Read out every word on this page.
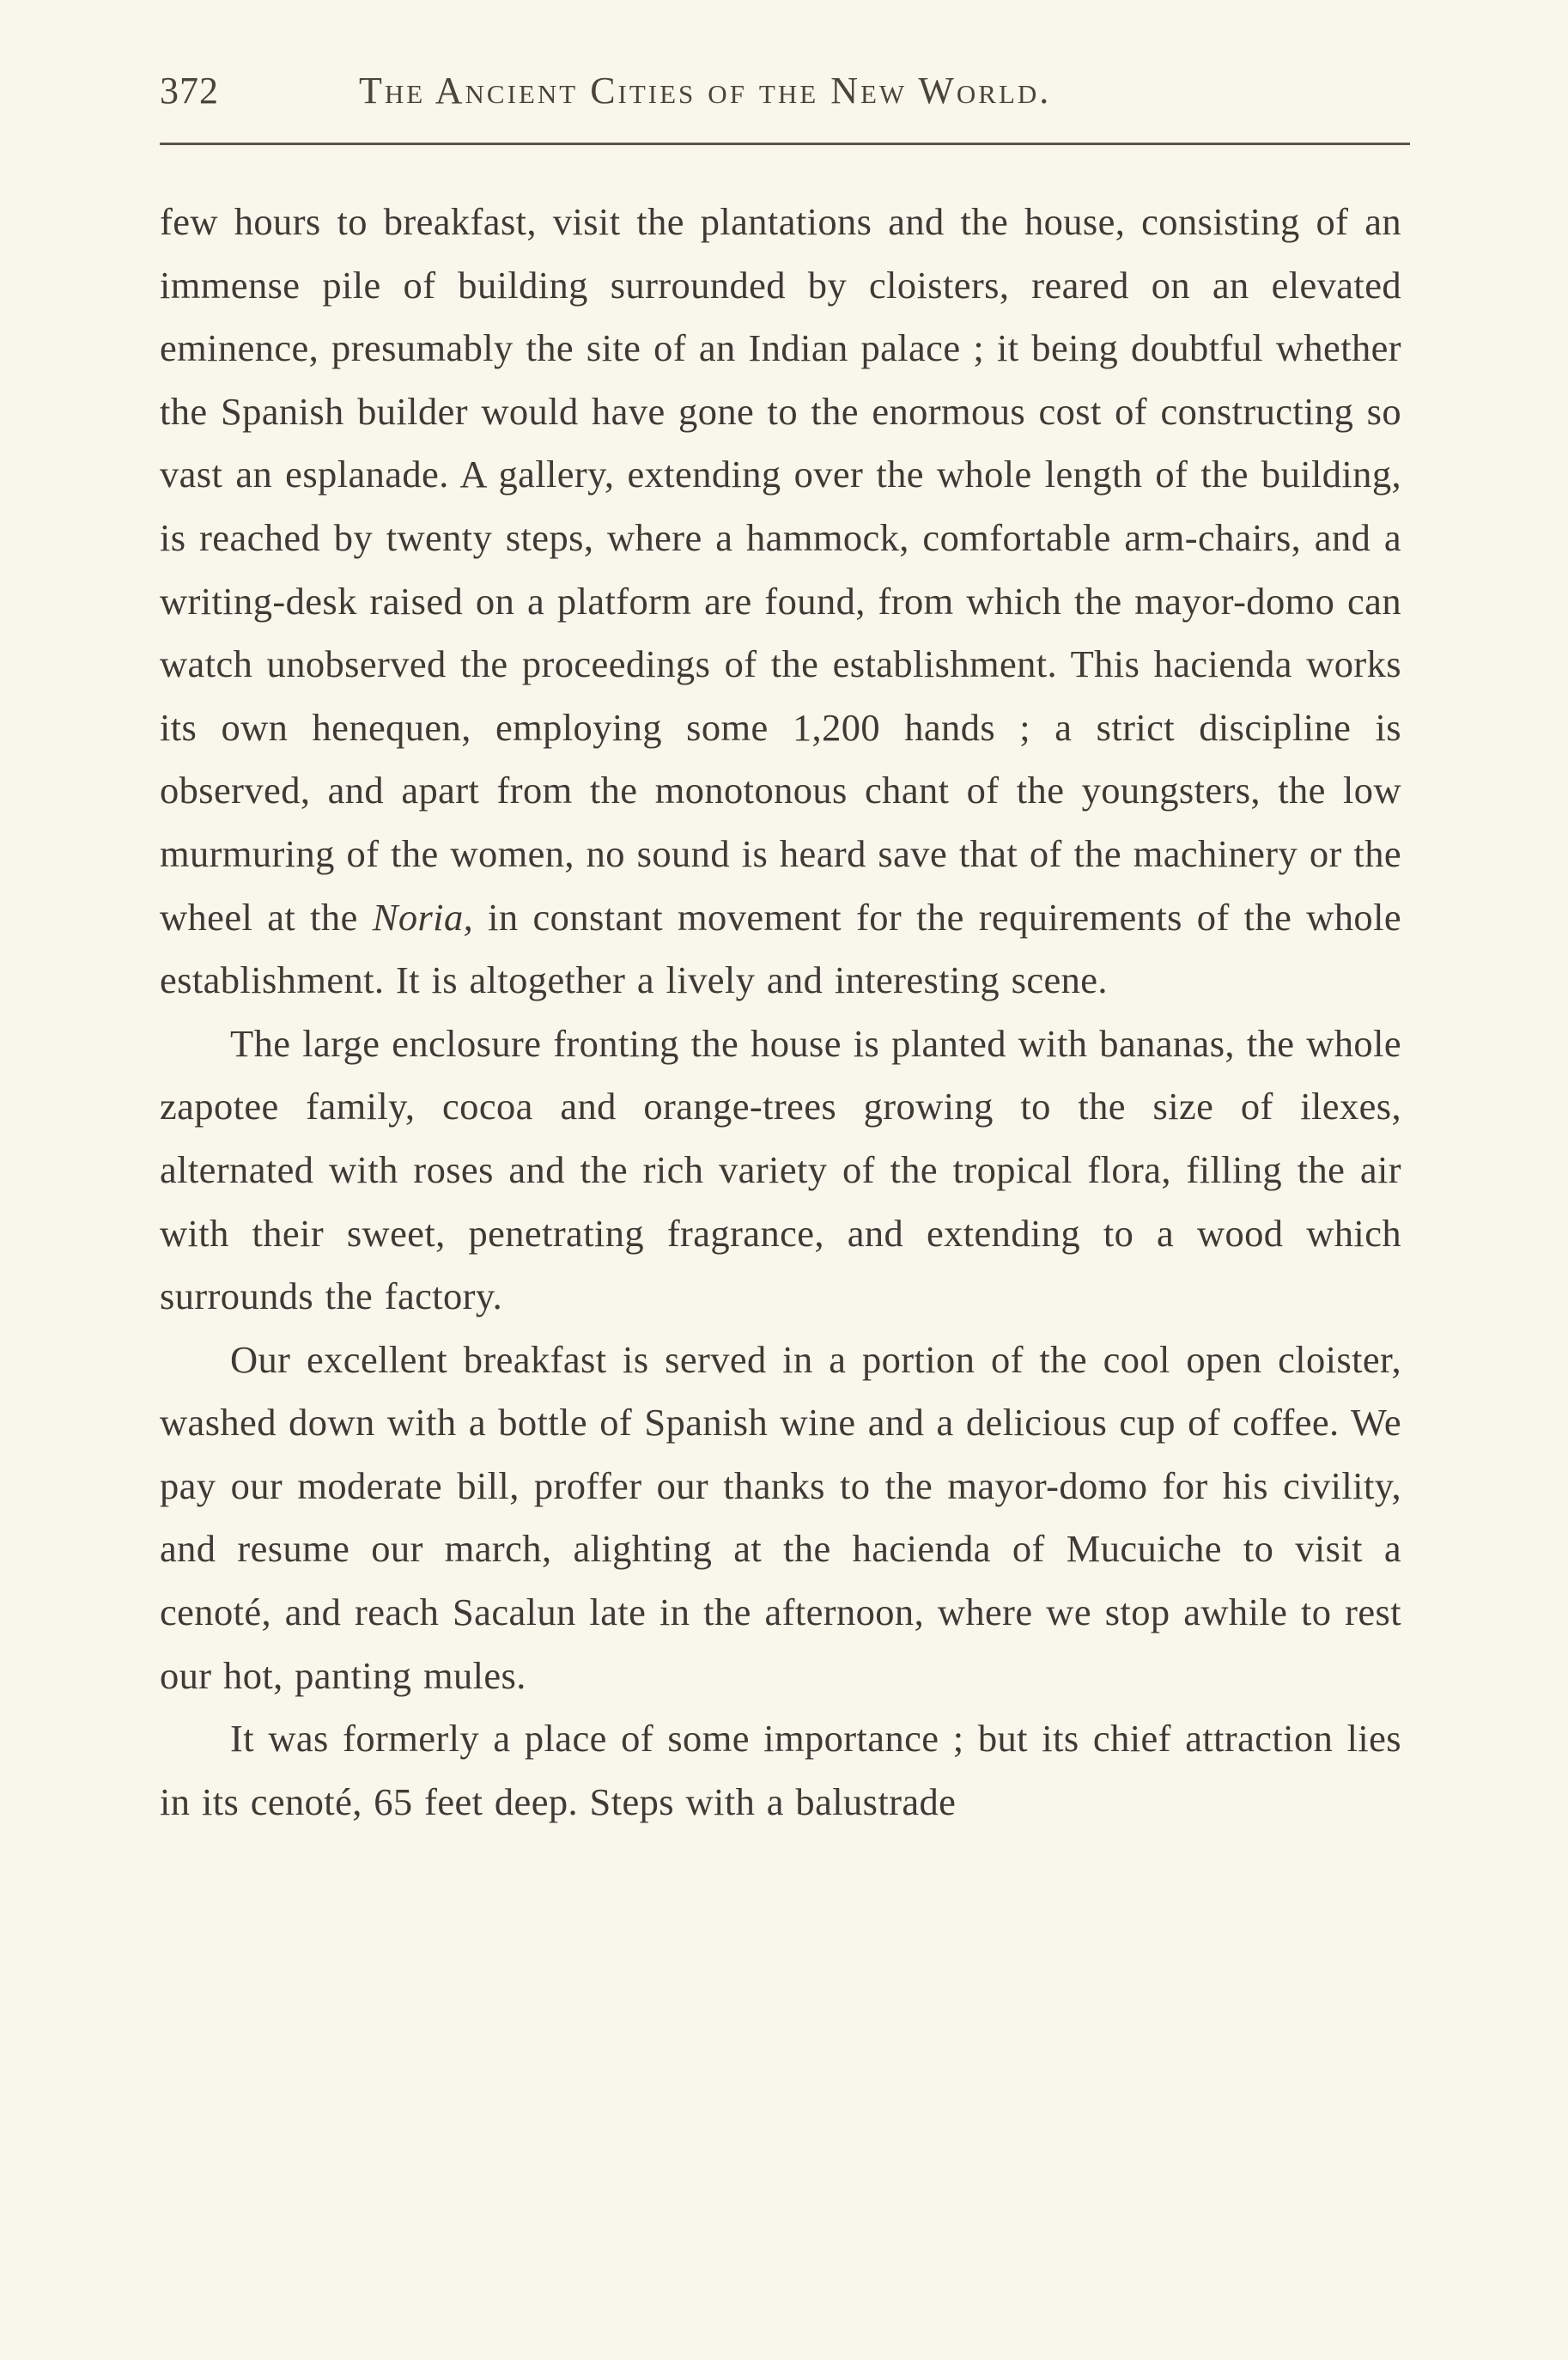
372	The Ancient Cities of the New World.

few hours to breakfast, visit the plantations and the house, consisting of an immense pile of building surrounded by cloisters, reared on an elevated eminence, presumably the site of an Indian palace ; it being doubtful whether the Spanish builder would have gone to the enormous cost of constructing so vast an esplanade. A gallery, extending over the whole length of the building, is reached by twenty steps, where a hammock, comfortable arm-chairs, and a writing-desk raised on a platform are found, from which the mayor-domo can watch unobserved the proceedings of the establishment. This hacienda works its own henequen, employing some 1,200 hands ; a strict discipline is observed, and apart from the monotonous chant of the youngsters, the low murmuring of the women, no sound is heard save that of the machinery or the wheel at the Noria, in constant movement for the requirements of the whole establishment. It is altogether a lively and interesting scene.

The large enclosure fronting the house is planted with bananas, the whole zapotee family, cocoa and orange-trees growing to the size of ilexes, alternated with roses and the rich variety of the tropical flora, filling the air with their sweet, penetrating fragrance, and extending to a wood which surrounds the factory.

Our excellent breakfast is served in a portion of the cool open cloister, washed down with a bottle of Spanish wine and a delicious cup of coffee. We pay our moderate bill, proffer our thanks to the mayor-domo for his civility, and resume our march, alighting at the hacienda of Mucuiche to visit a cenoté, and reach Sacalun late in the afternoon, where we stop awhile to rest our hot, panting mules.

It was formerly a place of some importance ; but its chief attraction lies in its cenoté, 65 feet deep. Steps with a balustrade
